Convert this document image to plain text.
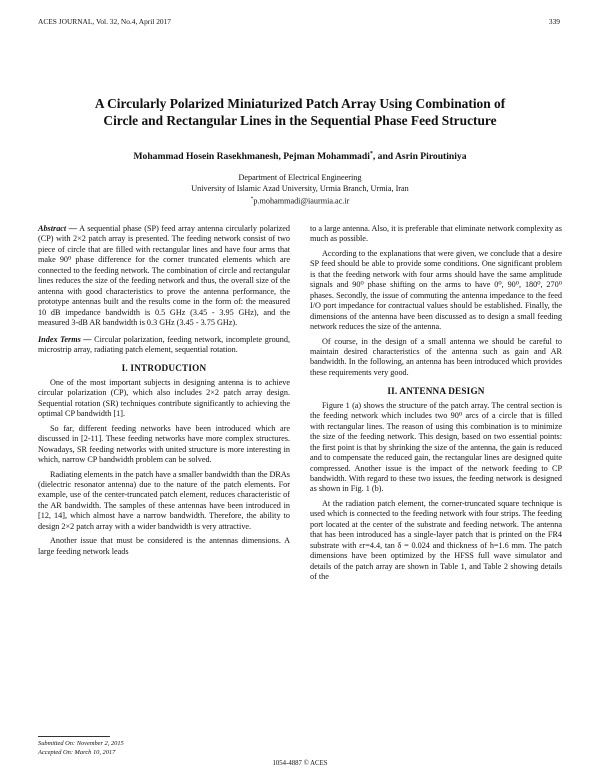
ACES JOURNAL, Vol. 32, No.4, April 2017	339
A Circularly Polarized Miniaturized Patch Array Using Combination of
Circle and Rectangular Lines in the Sequential Phase Feed Structure
Mohammad Hosein Rasekhmanesh, Pejman Mohammadi*, and Asrin Piroutiniya
Department of Electrical Engineering
University of Islamic Azad University, Urmia Branch, Urmia, Iran
*p.mohammadi@iaurmia.ac.ir

Abstract — A sequential phase (SP) feed array antenna circularly polarized (CP) with 2×2 patch array is presented. The feeding network consist of two piece of circle that are filled with rectangular lines and have four arms that make 90⁰ phase difference for the corner truncated elements which are connected to the feeding network. The combination of circle and rectangular lines reduces the size of the feeding network and thus, the overall size of the antenna with good characteristics to prove the antenna performance, the prototype antennas built and the results come in the form of: the measured 10 dB impedance bandwidth is 0.5 GHz (3.45 - 3.95 GHz), and the measured 3-dB AR bandwidth is 0.3 GHz (3.45 - 3.75 GHz).

Index Terms — Circular polarization, feeding network, incomplete ground, microstrip array, radiating patch element, sequential rotation.

I. INTRODUCTION

One of the most important subjects in designing antenna is to achieve circular polarization (CP), which also includes 2×2 patch array design. Sequential rotation (SR) techniques contribute significantly to achieving the optimal CP bandwidth [1].

So far, different feeding networks have been introduced which are discussed in [2-11]. These feeding networks have more complex structures. Nowadays, SR feeding networks with united structure is more interesting in which, narrow CP bandwidth problem can be solved.

Radiating elements in the patch have a smaller bandwidth than the DRAs (dielectric resonator antenna) due to the nature of the patch elements. For example, use of the center-truncated patch element, reduces characteristic of the AR bandwidth. The samples of these antennas have been introduced in [12, 14], which almost have a narrow bandwidth. Therefore, the ability to design 2×2 patch array with a wider bandwidth is very attractive.

Another issue that must be considered is the antennas dimensions. A large feeding network leads

to a large antenna. Also, it is preferable that eliminate network complexity as much as possible.

According to the explanations that were given, we conclude that a desire SP feed should be able to provide some conditions. One significant problem is that the feeding network with four arms should have the same amplitude signals and 90⁰ phase shifting on the arms to have 0⁰, 90⁰, 180⁰, 270⁰ phases. Secondly, the issue of commuting the antenna impedance to the feed I/O port impedance for contractual values should be established. Finally, the dimensions of the antenna have been discussed as to design a small feeding network reduces the size of the antenna.

Of course, in the design of a small antenna we should be careful to maintain desired characteristics of the antenna such as gain and AR bandwidth. In the following, an antenna has been introduced which provides these requirements very good.

II. ANTENNA DESIGN

Figure 1 (a) shows the structure of the patch array. The central section is the feeding network which includes two 90⁰ arcs of a circle that is filled with rectangular lines. The reason of using this combination is to minimize the size of the feeding network. This design, based on two essential points: the first point is that by shrinking the size of the antenna, the gain is reduced and to compensate the reduced gain, the rectangular lines are designed quite compressed. Another issue is the impact of the network feeding to CP bandwidth. With regard to these two issues, the feeding network is designed as shown in Fig. 1 (b).

At the radiation patch element, the corner-truncated square technique is used which is connected to the feeding network with four strips. The feeding port located at the center of the substrate and feeding network. The antenna that has been introduced has a single-layer patch that is printed on the FR4 substrate with εr=4.4, tan δ = 0.024 and thickness of h=1.6 mm. The patch dimensions have been optimized by the HFSS full wave simulator and details of the patch array are shown in Table 1, and Table 2 showing details of the

Submitted On: November 2, 2015
Accepted On: March 10, 2017
1054-4887 © ACES
